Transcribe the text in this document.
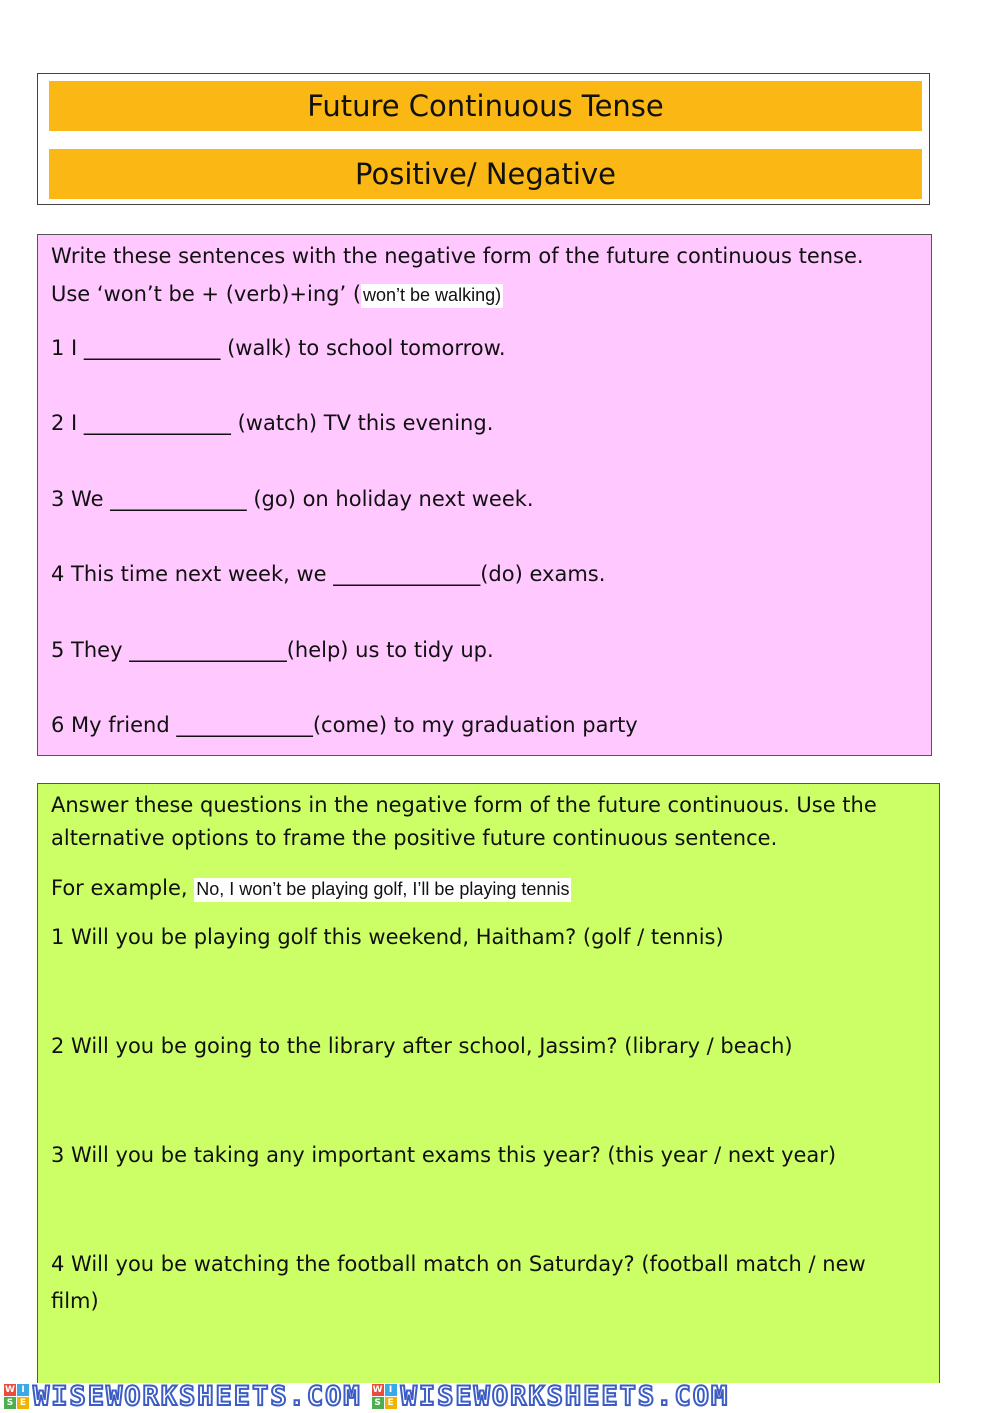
Future Continuous Tense
Positive/ Negative
Write these sentences with the negative form of the future continuous tense.
Use ‘won’t be + (verb)+ing’ ( won’t be walking)
1 I _____________ (walk) to school tomorrow.
2 I ______________ (watch) TV this evening.
3 We _____________ (go) on holiday next week.
4 This time next week, we ______________(do) exams.
5 They _______________(help) us to tidy up.
6 My friend _____________(come) to my graduation party
Answer these questions in the negative form of the future continuous. Use the
alternative options to frame the positive future continuous sentence.
For example, No, I won’t be playing golf, I’ll be playing tennis
1 Will you be playing golf this weekend, Haitham? (golf / tennis)
2 Will you be going to the library after school, Jassim? (library / beach)
3 Will you be taking any important exams this year? (this year / next year)
4 Will you be watching the football match on Saturday? (football match / new
film)
W I
S E WISEWORKSHEETS.COM W I
S E WISEWORKSHEETS.COM
